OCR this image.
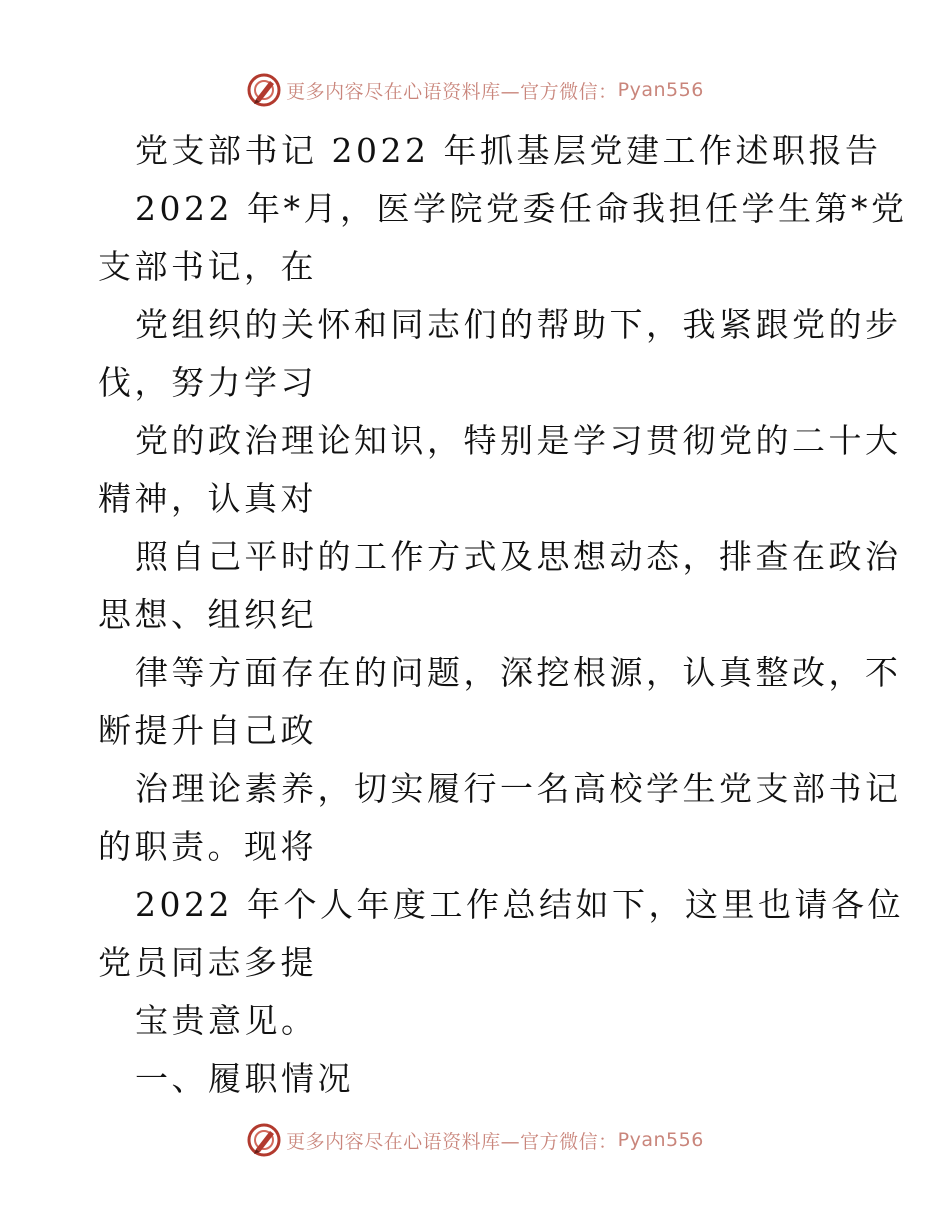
更多内容尽在心语资料库—官方微信： Pyan556
党支部书记 2022 年抓基层党建工作述职报告
2022 年*月，医学院党委任命我担任学生第*党
支部书记，在
党组织的关怀和同志们的帮助下，我紧跟党的步
伐，努力学习
党的政治理论知识，特别是学习贯彻党的二十大
精神，认真对
照自己平时的工作方式及思想动态，排查在政治
思想、组织纪
律等方面存在的问题，深挖根源，认真整改，不
断提升自己政
治理论素养，切实履行一名高校学生党支部书记
的职责。现将
2022 年个人年度工作总结如下，这里也请各位
党员同志多提
宝贵意见。
一、履职情况
更多内容尽在心语资料库—官方微信： Pyan556
